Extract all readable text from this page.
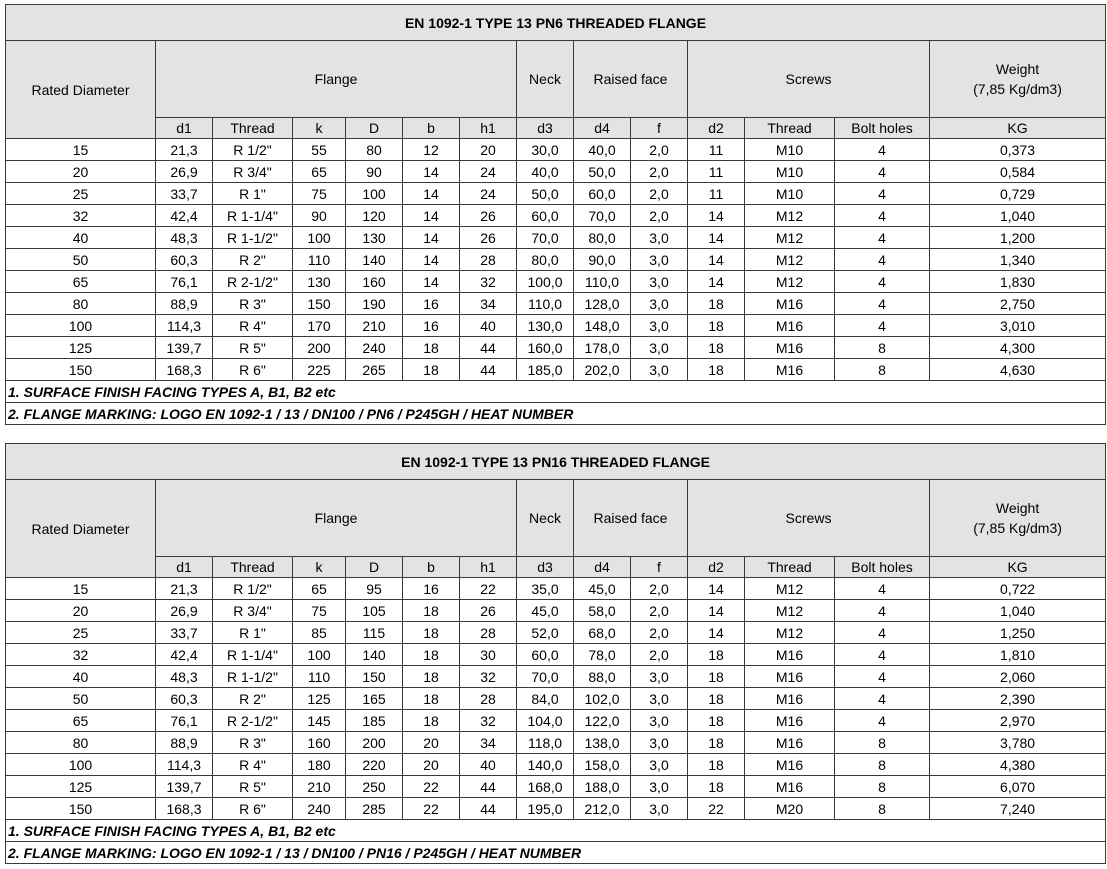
EN 1092-1 TYPE 13 PN6 THREADED FLANGE													
Rated Diameter	Flange						Neck	Raised face		Screws			Weight
(7,85 Kg/dm3)

	d1	Thread	k	D	b	h1	d3	d4	f	d2	Thread	Bolt holes	KG
15	21,3	R 1/2"	55	80	12	20	30,0	40,0	2,0	11	M10	4	0,373
20	26,9	R 3/4"	65	90	14	24	40,0	50,0	2,0	11	M10	4	0,584
25	33,7	R 1"	75	100	14	24	50,0	60,0	2,0	11	M10	4	0,729
32	42,4	R 1-1/4"	90	120	14	26	60,0	70,0	2,0	14	M12	4	1,040
40	48,3	R 1-1/2"	100	130	14	26	70,0	80,0	3,0	14	M12	4	1,200
50	60,3	R 2"	110	140	14	28	80,0	90,0	3,0	14	M12	4	1,340
65	76,1	R 2-1/2"	130	160	14	32	100,0	110,0	3,0	14	M12	4	1,830
80	88,9	R 3"	150	190	16	34	110,0	128,0	3,0	18	M16	4	2,750
100	114,3	R 4"	170	210	16	40	130,0	148,0	3,0	18	M16	4	3,010
125	139,7	R 5"	200	240	18	44	160,0	178,0	3,0	18	M16	8	4,300
150	168,3	R 6"	225	265	18	44	185,0	202,0	3,0	18	M16	8	4,630
1. SURFACE FINISH FACING TYPES A, B1, B2 etc													
2. FLANGE MARKING: LOGO EN 1092-1 / 13 / DN100 / PN6 / P245GH / HEAT NUMBER													
EN 1092-1 TYPE 13 PN16 THREADED FLANGE													
Rated Diameter	Flange						Neck	Raised face		Screws			Weight
(7,85 Kg/dm3)

	d1	Thread	k	D	b	h1	d3	d4	f	d2	Thread	Bolt holes	KG
15	21,3	R 1/2"	65	95	16	22	35,0	45,0	2,0	14	M12	4	0,722
20	26,9	R 3/4"	75	105	18	26	45,0	58,0	2,0	14	M12	4	1,040
25	33,7	R 1"	85	115	18	28	52,0	68,0	2,0	14	M12	4	1,250
32	42,4	R 1-1/4"	100	140	18	30	60,0	78,0	2,0	18	M16	4	1,810
40	48,3	R 1-1/2"	110	150	18	32	70,0	88,0	3,0	18	M16	4	2,060
50	60,3	R 2"	125	165	18	28	84,0	102,0	3,0	18	M16	4	2,390
65	76,1	R 2-1/2"	145	185	18	32	104,0	122,0	3,0	18	M16	4	2,970
80	88,9	R 3"	160	200	20	34	118,0	138,0	3,0	18	M16	8	3,780
100	114,3	R 4"	180	220	20	40	140,0	158,0	3,0	18	M16	8	4,380
125	139,7	R 5"	210	250	22	44	168,0	188,0	3,0	18	M16	8	6,070
150	168,3	R 6"	240	285	22	44	195,0	212,0	3,0	22	M20	8	7,240
1. SURFACE FINISH FACING TYPES A, B1, B2 etc													
2. FLANGE MARKING: LOGO EN 1092-1 / 13 / DN100 / PN16 / P245GH / HEAT NUMBER													
